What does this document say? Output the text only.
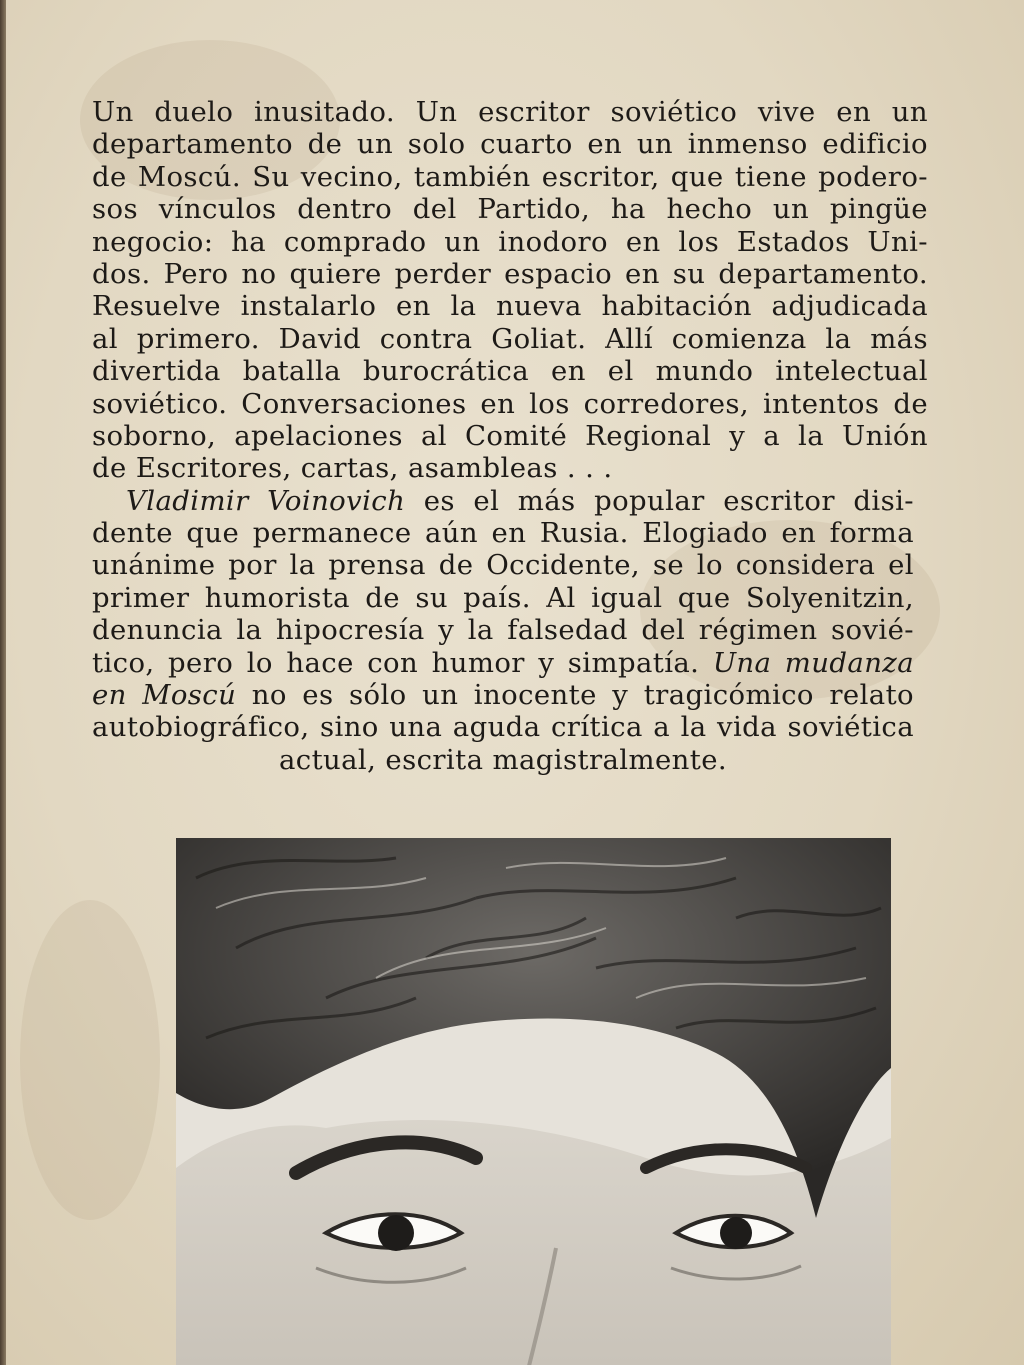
Un duelo inusitado. Un escritor soviético vive en un
departamento de un solo cuarto en un inmenso edificio
de Moscú. Su vecino, también escritor, que tiene podero-
sos vínculos dentro del Partido, ha hecho un pingüe
negocio: ha comprado un inodoro en los Estados Uni-
dos. Pero no quiere perder espacio en su departamento.
Resuelve instalarlo en la nueva habitación adjudicada
al primero. David contra Goliat. Allí comienza la más
divertida batalla burocrática en el mundo intelectual
soviético. Conversaciones en los corredores, intentos de
soborno, apelaciones al Comité Regional y a la Unión
de Escritores, cartas, asambleas . . .
Vladimir Voinovich es el más popular escritor disi-
dente que permanece aún en Rusia. Elogiado en forma
unánime por la prensa de Occidente, se lo considera el
primer humorista de su país. Al igual que Solyenitzin,
denuncia la hipocresía y la falsedad del régimen sovié-
tico, pero lo hace con humor y simpatía. Una mudanza
en Moscú no es sólo un inocente y tragicómico relato
autobiográfico, sino una aguda crítica a la vida soviética
actual, escrita magistralmente.
